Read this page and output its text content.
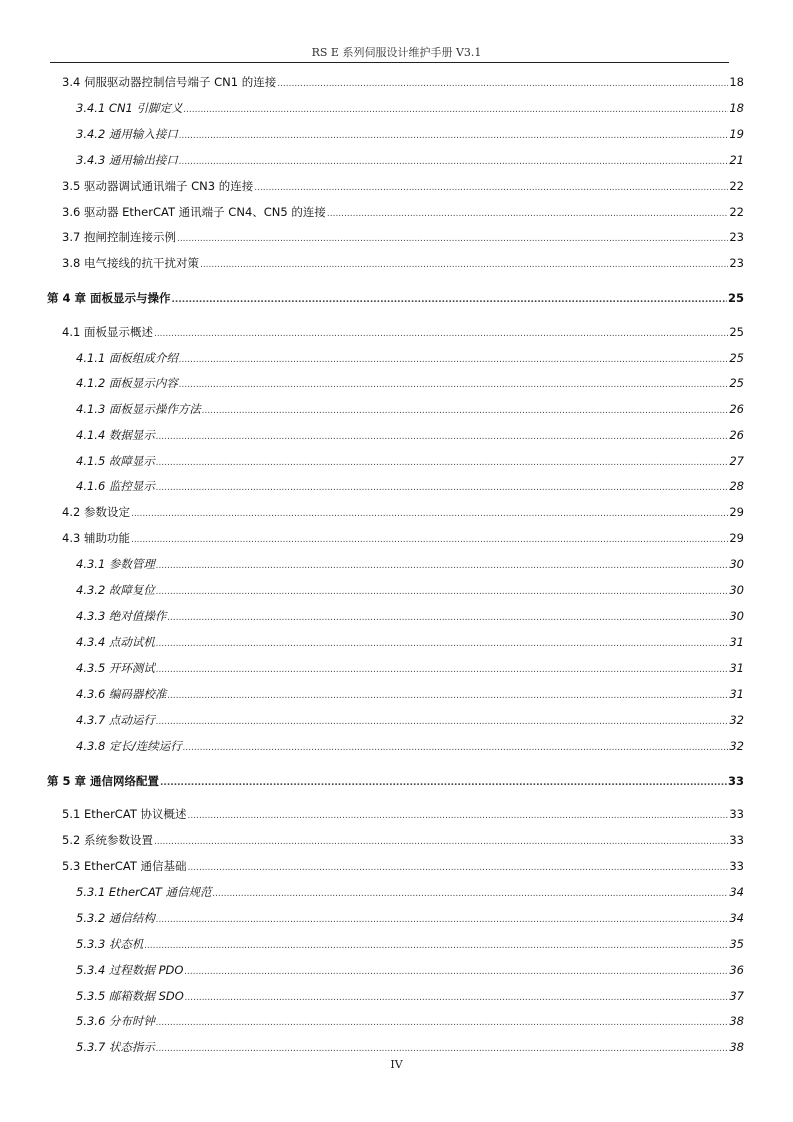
RS E 系列伺服设计维护手册 V3.1
3.4 伺服驱动器控制信号端子 CN1 的连接 .....	18
3.4.1 CN1 引脚定义 .....	18
3.4.2 通用输入接口 .....	19
3.4.3 通用输出接口 .....	21
3.5 驱动器调试通讯端子 CN3 的连接 .....	22
3.6 驱动器 EtherCAT 通讯端子 CN4、CN5 的连接 .....	22
3.7 抱闸控制连接示例 .....	23
3.8 电气接线的抗干扰对策 .....	23
第 4 章 面板显示与操作 .....	25
4.1 面板显示概述 .....	25
4.1.1 面板组成介绍 .....	25
4.1.2 面板显示内容 .....	25
4.1.3 面板显示操作方法 .....	26
4.1.4 数据显示 .....	26
4.1.5 故障显示 .....	27
4.1.6 监控显示 .....	28
4.2 参数设定 .....	29
4.3 辅助功能 .....	29
4.3.1 参数管理 .....	30
4.3.2 故障复位 .....	30
4.3.3 绝对值操作 .....	30
4.3.4 点动试机 .....	31
4.3.5 开环测试 .....	31
4.3.6 编码器校准 .....	31
4.3.7 点动运行 .....	32
4.3.8 定长/连续运行 .....	32
第 5 章 通信网络配置 .....	33
5.1 EtherCAT 协议概述 .....	33
5.2 系统参数设置 .....	33
5.3 EtherCAT 通信基础 .....	33
5.3.1 EtherCAT 通信规范 .....	34
5.3.2 通信结构 .....	34
5.3.3 状态机 .....	35
5.3.4 过程数据 PDO .....	36
5.3.5 邮箱数据 SDO .....	37
5.3.6 分布时钟 .....	38
5.3.7 状态指示 .....	38
IV
